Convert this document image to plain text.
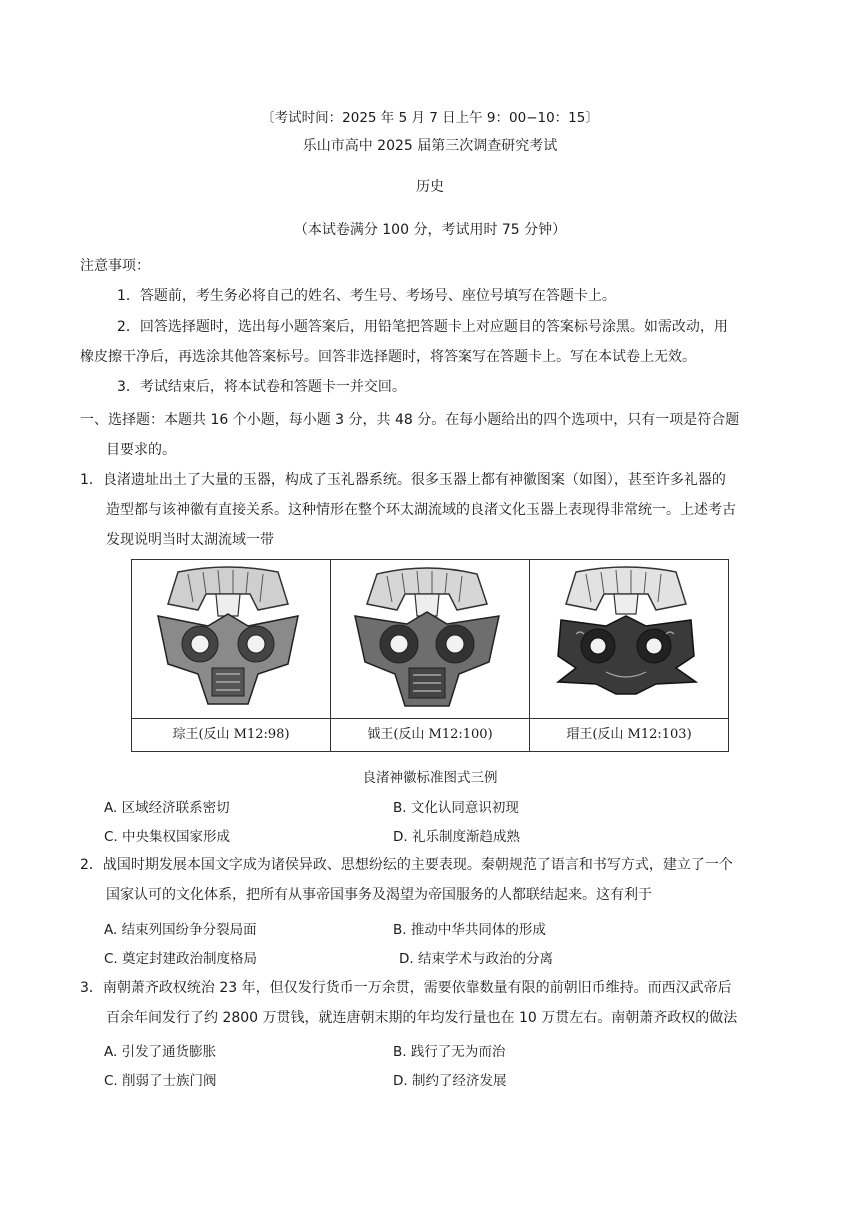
〔考试时间：2025 年 5 月 7 日上午 9：00−10：15〕
乐山市高中 2025 届第三次调查研究考试
历史
（本试卷满分 100 分，考试用时 75 分钟）
注意事项：
1．答题前，考生务必将自己的姓名、考生号、考场号、座位号填写在答题卡上。
2．回答选择题时，选出每小题答案后，用铅笔把答题卡上对应题目的答案标号涂黑。如需改动，用
橡皮擦干净后，再选涂其他答案标号。回答非选择题时，将答案写在答题卡上。写在本试卷上无效。
3．考试结束后，将本试卷和答题卡一并交回。
一、选择题：本题共 16 个小题，每小题 3 分，共 48 分。在每小题给出的四个选项中，只有一项是符合题
目要求的。
1．良渚遗址出土了大量的玉器，构成了玉礼器系统。很多玉器上都有神徽图案（如图），甚至许多礼器的
造型都与该神徽有直接关系。这种情形在整个环太湖流域的良渚文化玉器上表现得非常统一。上述考古
发现说明当时太湖流域一带
琮王(反山 M12:98)	钺王(反山 M12:100)	瑁王(反山 M12:103)
良渚神徽标准图式三例
A. 区域经济联系密切	B. 文化认同意识初现
C. 中央集权国家形成	D. 礼乐制度渐趋成熟
2．战国时期发展本国文字成为诸侯异政、思想纷纭的主要表现。秦朝规范了语言和书写方式，建立了一个
国家认可的文化体系，把所有从事帝国事务及渴望为帝国服务的人都联结起来。这有利于
A. 结束列国纷争分裂局面	B. 推动中华共同体的形成
C. 奠定封建政治制度格局	D. 结束学术与政治的分离
3．南朝萧齐政权统治 23 年，但仅发行货币一万余贯，需要依靠数量有限的前朝旧币维持。而西汉武帝后
百余年间发行了约 2800 万贯钱，就连唐朝末期的年均发行量也在 10 万贯左右。南朝萧齐政权的做法
A. 引发了通货膨胀	B. 践行了无为而治
C. 削弱了士族门阀	D. 制约了经济发展
